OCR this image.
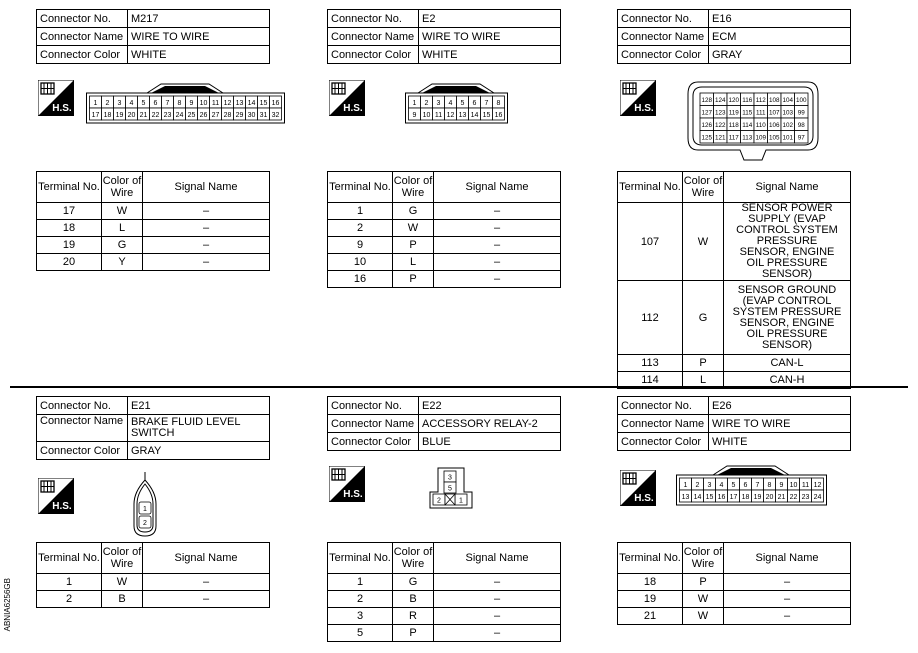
Connector No.	M217
Connector Name	WIRE TO WIRE
Connector Color	WHITE
H.S.	1 2 3 4 5 6 7 8 9 10 11 12 13 14 15 16
17 18 19 20 21 22 23 24 25 26 27 28 29 30 31 32
Terminal No.	Color of Wire	Signal Name
17	W	–
18	L	–
19	G	–
20	Y	–
Connector No.	E2
Connector Name	WIRE TO WIRE
Connector Color	WHITE
H.S.	1 2 3 4 5 6 7 8
9 10 11 12 13 14 15 16
Terminal No.	Color of Wire	Signal Name
1	G	–
2	W	–
9	P	–
10	L	–
16	P	–
Connector No.	E16
Connector Name	ECM
Connector Color	GRAY
H.S.
128 124 120 116 112 108 104 100
127 123 119 115 111 107 103 99
126 122 118 114 110 106 102 98
125 121 117 113 109 105 101 97
Terminal No.	Color of Wire	Signal Name
107	W	SENSOR POWER SUPPLY (EVAP CONTROL SYSTEM PRESSURE SENSOR, ENGINE OIL PRESSURE SENSOR)
112	G	SENSOR GROUND (EVAP CONTROL SYSTEM PRESSURE SENSOR, ENGINE OIL PRESSURE SENSOR)
113	P	CAN-L
114	L	CAN-H
Connector No.	E21
Connector Name	BRAKE FLUID LEVEL SWITCH
Connector Color	GRAY
H.S.	1
2
Terminal No.	Color of Wire	Signal Name
1	W	–
2	B	–
Connector No.	E22
Connector Name	ACCESSORY RELAY-2
Connector Color	BLUE
H.S.
3
5
2	1
Terminal No.	Color of Wire	Signal Name
1	G	–
2	B	–
3	R	–
5	P	–
Connector No.	E26
Connector Name	WIRE TO WIRE
Connector Color	WHITE
H.S.
1 2 3 4 5 6 7 8 9 10 11 12
13 14 15 16 17 18 19 20 21 22 23 24
Terminal No.	Color of Wire	Signal Name
18	P	–
19	W	–
21	W	–
ABNIA6256GB
